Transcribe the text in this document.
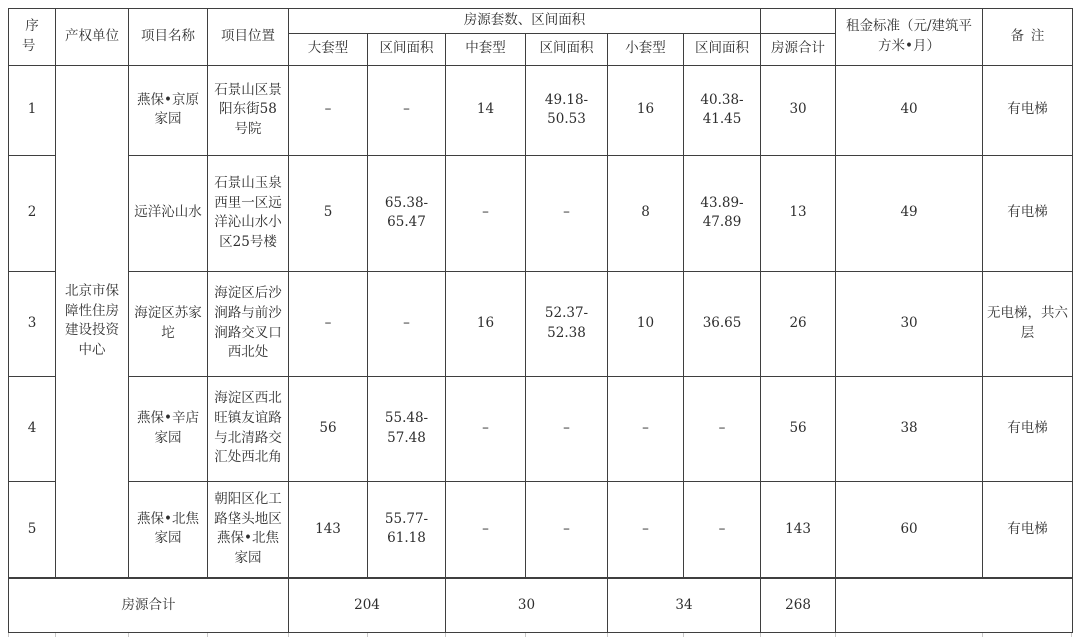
序号	产权单位	项目名称	项目位置	房源套数、区间面积							租金标准（元/建筑平方米•月）	备注
				大套型	区间面积	中套型	区间面积	小套型	区间面积	房源合计		
1	北京市保障性住房建设投资中心	燕保•京原家园	石景山区景阳东街58号院	–	–	14	49.18-50.53	16	40.38-41.45	30	40	有电梯
2		远洋沁山水	石景山玉泉西里一区远洋沁山水小区25号楼	5	65.38-65.47	–	–	8	43.89-47.89	13	49	有电梯
3		海淀区苏家坨	海淀区后沙涧路与前沙涧路交叉口西北处	–	–	16	52.37-52.38	10	36.65	26	30	无电梯，共六层
4		燕保•辛店家园	海淀区西北旺镇友谊路与北清路交汇处西北角	56	55.48-57.48	–	–	–	–	56	38	有电梯
5		燕保•北焦家园	朝阳区化工路垡头地区燕保•北焦家园	143	55.77-61.18	–	–	–	–	143	60	有电梯
房源合计				204		30		34		268		
